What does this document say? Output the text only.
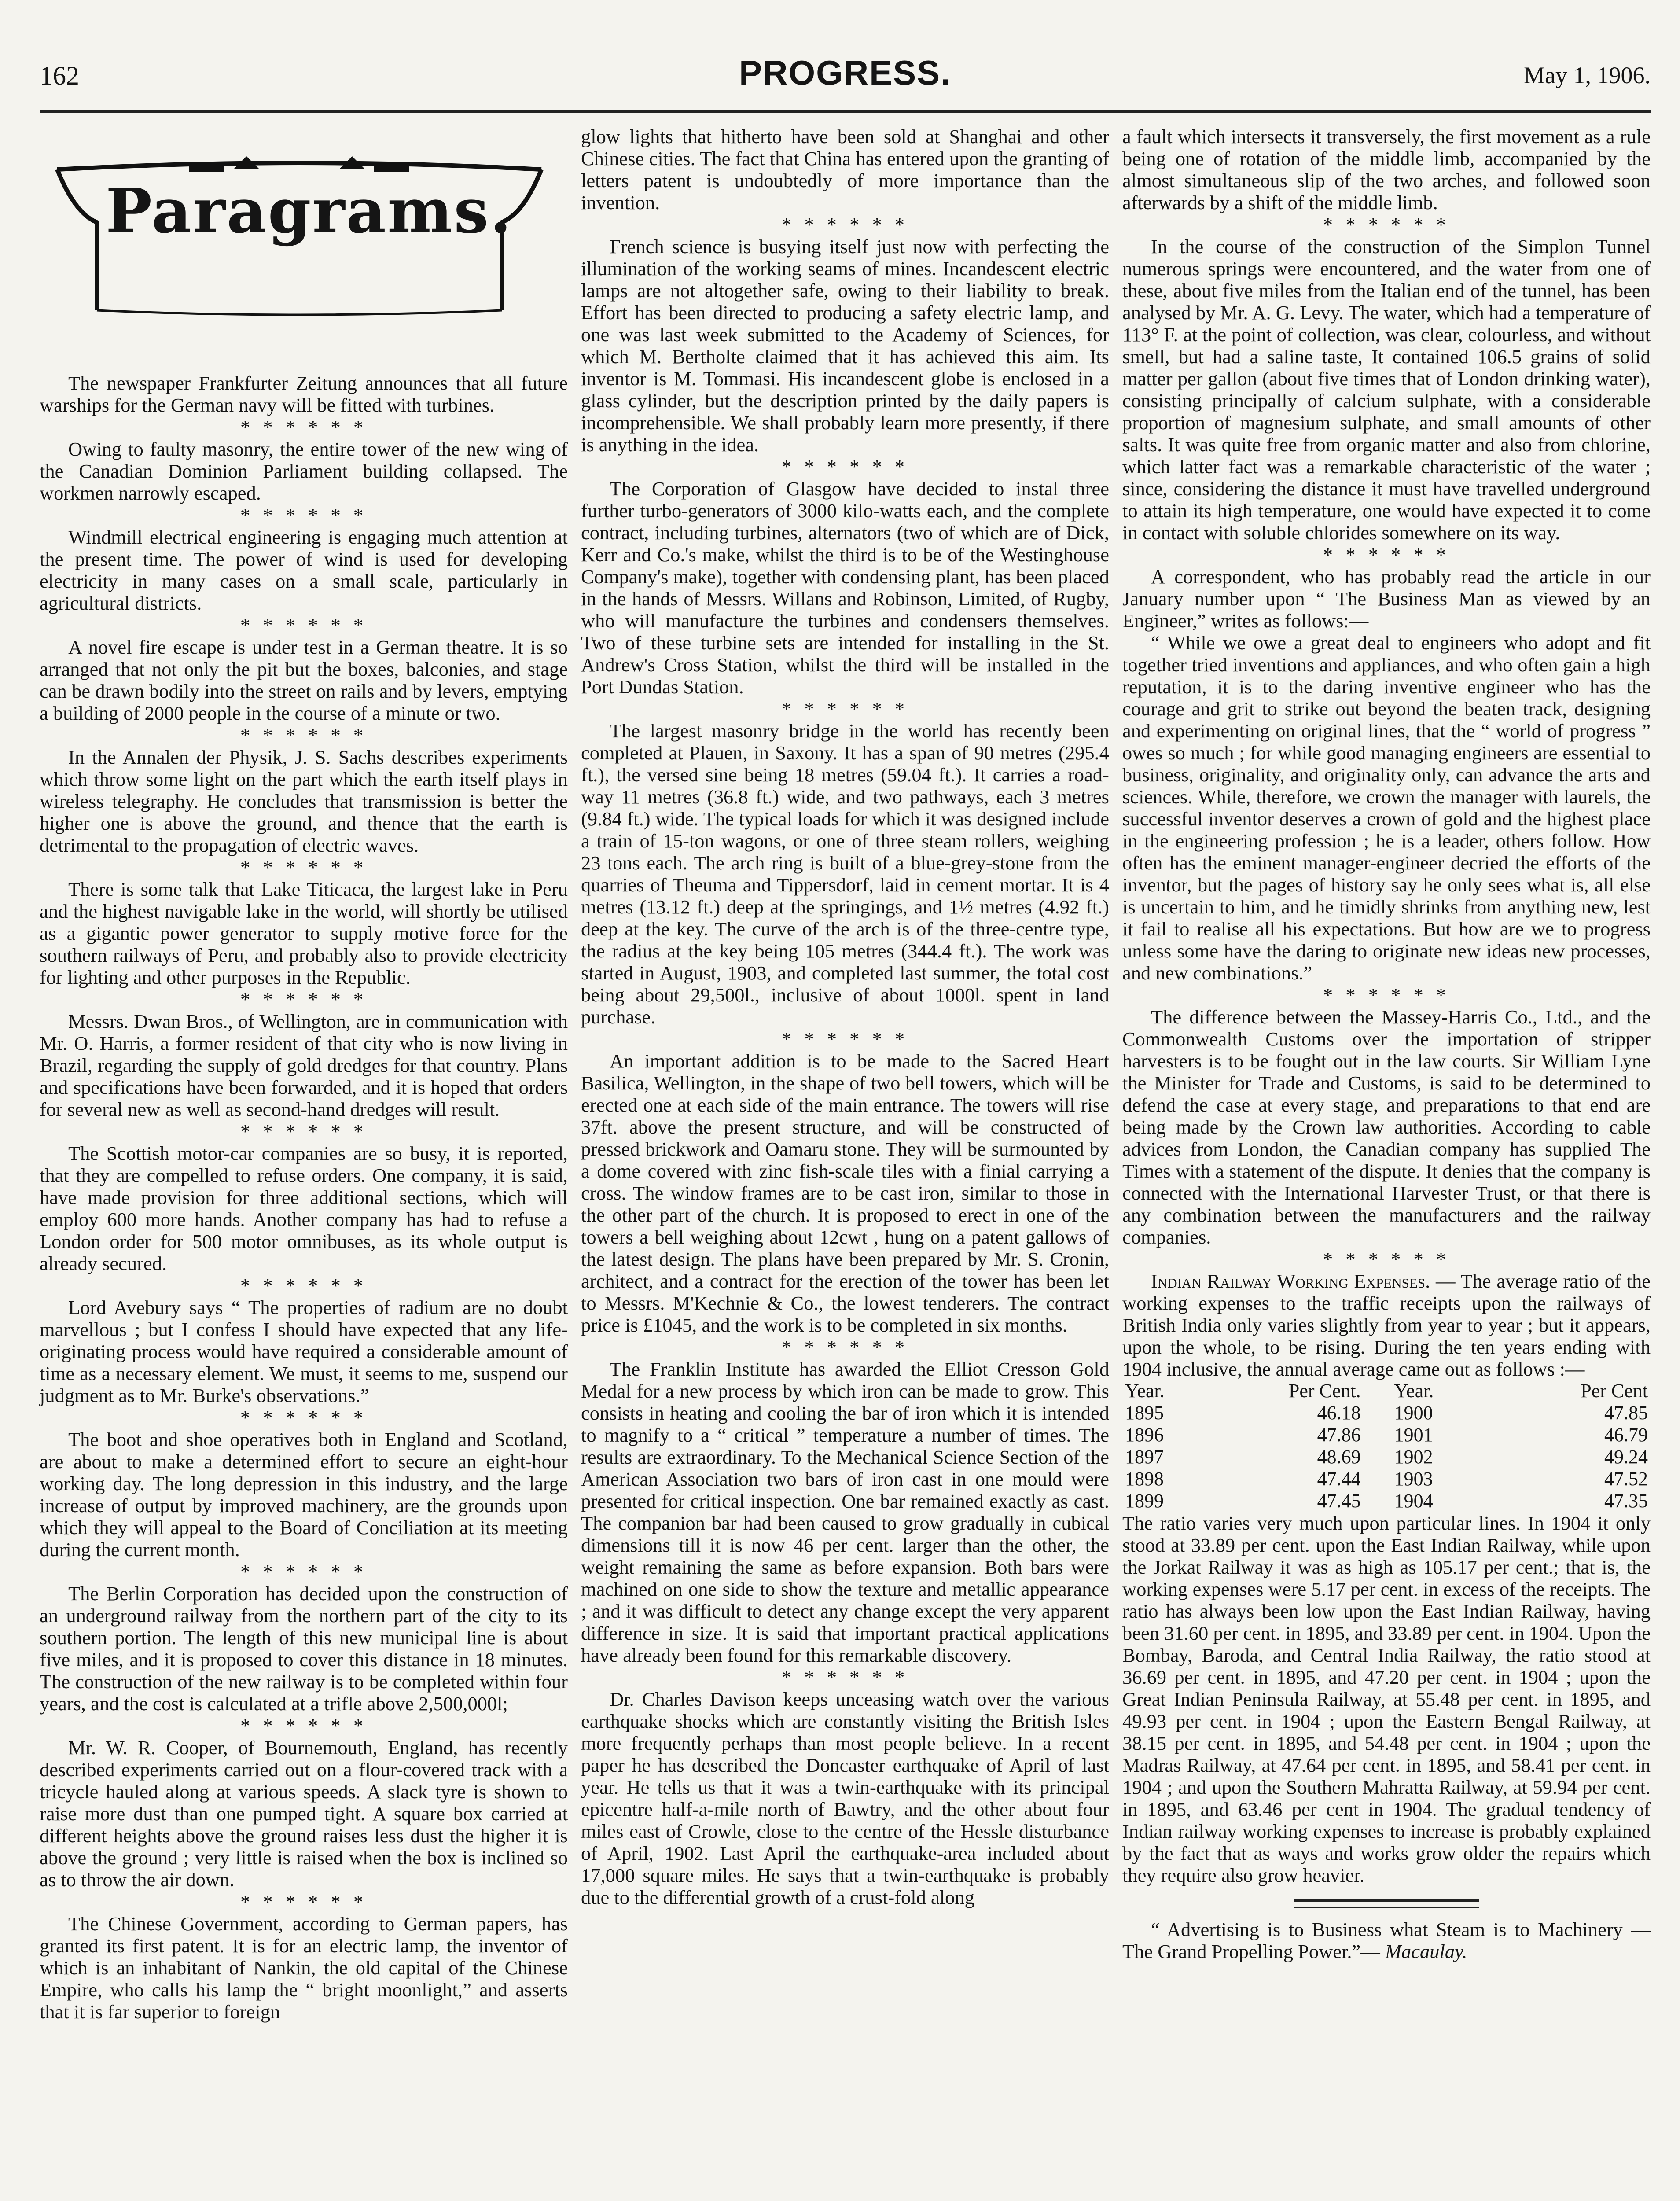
162	PROGRESS.	May 1, 1906.
Paragrams.

The newspaper Frankfurter Zeitung announces that all future warships for the German navy will be fitted with turbines.

* * * * * *

Owing to faulty masonry, the entire tower of the new wing of the Canadian Dominion Parliament building collapsed. The workmen narrowly escaped.

* * * * * *

Windmill electrical engineering is engaging much attention at the present time. The power of wind is used for developing electricity in many cases on a small scale, particularly in agricultural districts.

* * * * * *

A novel fire escape is under test in a German theatre. It is so arranged that not only the pit but the boxes, balconies, and stage can be drawn bodily into the street on rails and by levers, emptying a building of 2000 people in the course of a minute or two.

* * * * * *

In the Annalen der Physik, J. S. Sachs describes experiments which throw some light on the part which the earth itself plays in wireless telegraphy. He concludes that transmission is better the higher one is above the ground, and thence that the earth is detrimental to the propagation of electric waves.

* * * * * *

There is some talk that Lake Titicaca, the largest lake in Peru and the highest navigable lake in the world, will shortly be utilised as a gigantic power generator to supply motive force for the southern railways of Peru, and probably also to provide electricity for lighting and other purposes in the Republic.

* * * * * *

Messrs. Dwan Bros., of Wellington, are in communication with Mr. O. Harris, a former resident of that city who is now living in Brazil, regarding the supply of gold dredges for that country. Plans and specifications have been forwarded, and it is hoped that orders for several new as well as second-hand dredges will result.

* * * * * *

The Scottish motor-car companies are so busy, it is reported, that they are compelled to refuse orders. One company, it is said, have made provision for three additional sections, which will employ 600 more hands. Another company has had to refuse a London order for 500 motor omnibuses, as its whole output is already secured.

* * * * * *

Lord Avebury says “ The properties of radium are no doubt marvellous ; but I confess I should have expected that any life-originating process would have required a considerable amount of time as a necessary element. We must, it seems to me, suspend our judgment as to Mr. Burke's observations.”

* * * * * *

The boot and shoe operatives both in England and Scotland, are about to make a determined effort to secure an eight-hour working day. The long depression in this industry, and the large increase of output by improved machinery, are the grounds upon which they will appeal to the Board of Conciliation at its meeting during the current month.

* * * * * *

The Berlin Corporation has decided upon the construction of an underground railway from the northern part of the city to its southern portion. The length of this new municipal line is about five miles, and it is proposed to cover this distance in 18 minutes. The construction of the new railway is to be completed within four years, and the cost is calculated at a trifle above 2,500,000l;

* * * * * *

Mr. W. R. Cooper, of Bournemouth, England, has recently described experiments carried out on a flour-covered track with a tricycle hauled along at various speeds. A slack tyre is shown to raise more dust than one pumped tight. A square box carried at different heights above the ground raises less dust the higher it is above the ground ; very little is raised when the box is inclined so as to throw the air down.

* * * * * *

The Chinese Government, according to German papers, has granted its first patent. It is for an electric lamp, the inventor of which is an inhabitant of Nankin, the old capital of the Chinese Empire, who calls his lamp the “ bright moonlight,” and asserts that it is far superior to foreign

glow lights that hitherto have been sold at Shanghai and other Chinese cities. The fact that China has entered upon the granting of letters patent is undoubtedly of more importance than the invention.

* * * * * *

French science is busying itself just now with perfecting the illumination of the working seams of mines. Incandescent electric lamps are not altogether safe, owing to their liability to break. Effort has been directed to producing a safety electric lamp, and one was last week submitted to the Academy of Sciences, for which M. Bertholte claimed that it has achieved this aim. Its inventor is M. Tommasi. His incandescent globe is enclosed in a glass cylinder, but the description printed by the daily papers is incomprehensible. We shall probably learn more presently, if there is anything in the idea.

* * * * * *

The Corporation of Glasgow have decided to instal three further turbo-generators of 3000 kilo-watts each, and the complete contract, including turbines, alternators (two of which are of Dick, Kerr and Co.'s make, whilst the third is to be of the Westinghouse Company's make), together with condensing plant, has been placed in the hands of Messrs. Willans and Robinson, Limited, of Rugby, who will manufacture the turbines and condensers themselves. Two of these turbine sets are intended for installing in the St. Andrew's Cross Station, whilst the third will be installed in the Port Dundas Station.

* * * * * *

The largest masonry bridge in the world has recently been completed at Plauen, in Saxony. It has a span of 90 metres (295.4 ft.), the versed sine being 18 metres (59.04 ft.). It carries a road-way 11 metres (36.8 ft.) wide, and two pathways, each 3 metres (9.84 ft.) wide. The typical loads for which it was designed include a train of 15-ton wagons, or one of three steam rollers, weighing 23 tons each. The arch ring is built of a blue-grey-stone from the quarries of Theuma and Tippersdorf, laid in cement mortar. It is 4 metres (13.12 ft.) deep at the springings, and 1½ metres (4.92 ft.) deep at the key. The curve of the arch is of the three-centre type, the radius at the key being 105 metres (344.4 ft.). The work was started in August, 1903, and completed last summer, the total cost being about 29,500l., inclusive of about 1000l. spent in land purchase.

* * * * * *

An important addition is to be made to the Sacred Heart Basilica, Wellington, in the shape of two bell towers, which will be erected one at each side of the main entrance. The towers will rise 37ft. above the present structure, and will be constructed of pressed brickwork and Oamaru stone. They will be surmounted by a dome covered with zinc fish-scale tiles with a finial carrying a cross. The window frames are to be cast iron, similar to those in the other part of the church. It is proposed to erect in one of the towers a bell weighing about 12cwt , hung on a patent gallows of the latest design. The plans have been prepared by Mr. S. Cronin, architect, and a contract for the erection of the tower has been let to Messrs. M'Kechnie & Co., the lowest tenderers. The contract price is £1045, and the work is to be completed in six months.

* * * * * *

The Franklin Institute has awarded the Elliot Cresson Gold Medal for a new process by which iron can be made to grow. This consists in heating and cooling the bar of iron which it is intended to magnify to a “ critical ” temperature a number of times. The results are extraordinary. To the Mechanical Science Section of the American Association two bars of iron cast in one mould were presented for critical inspection. One bar remained exactly as cast. The companion bar had been caused to grow gradually in cubical dimensions till it is now 46 per cent. larger than the other, the weight remaining the same as before expansion. Both bars were machined on one side to show the texture and metallic appearance ; and it was difficult to detect any change except the very apparent difference in size. It is said that important practical applications have already been found for this remarkable discovery.

* * * * * *

Dr. Charles Davison keeps unceasing watch over the various earthquake shocks which are constantly visiting the British Isles more frequently perhaps than most people believe. In a recent paper he has described the Doncaster earthquake of April of last year. He tells us that it was a twin-earthquake with its principal epicentre half-a-mile north of Bawtry, and the other about four miles east of Crowle, close to the centre of the Hessle disturbance of April, 1902. Last April the earthquake-area included about 17,000 square miles. He says that a twin-earthquake is probably due to the differential growth of a crust-fold along

a fault which intersects it transversely, the first movement as a rule being one of rotation of the middle limb, accompanied by the almost simultaneous slip of the two arches, and followed soon afterwards by a shift of the middle limb.

* * * * * *

In the course of the construction of the Simplon Tunnel numerous springs were encountered, and the water from one of these, about five miles from the Italian end of the tunnel, has been analysed by Mr. A. G. Levy. The water, which had a temperature of 113° F. at the point of collection, was clear, colourless, and without smell, but had a saline taste, It contained 106.5 grains of solid matter per gallon (about five times that of London drinking water), consisting principally of calcium sulphate, with a considerable proportion of magnesium sulphate, and small amounts of other salts. It was quite free from organic matter and also from chlorine, which latter fact was a remarkable characteristic of the water ; since, considering the distance it must have travelled underground to attain its high temperature, one would have expected it to come in contact with soluble chlorides somewhere on its way.

* * * * * *

A correspondent, who has probably read the article in our January number upon “ The Business Man as viewed by an Engineer,” writes as follows:—

“ While we owe a great deal to engineers who adopt and fit together tried inventions and appliances, and who often gain a high reputation, it is to the daring inventive engineer who has the courage and grit to strike out beyond the beaten track, designing and experimenting on original lines, that the “ world of progress ” owes so much ; for while good managing engineers are essential to business, originality, and originality only, can advance the arts and sciences. While, therefore, we crown the manager with laurels, the successful inventor deserves a crown of gold and the highest place in the engineering profession ; he is a leader, others follow. How often has the eminent manager-engineer decried the efforts of the inventor, but the pages of history say he only sees what is, all else is uncertain to him, and he timidly shrinks from anything new, lest it fail to realise all his expectations. But how are we to progress unless some have the daring to originate new ideas new processes, and new combinations.”

* * * * * *

The difference between the Massey-Harris Co., Ltd., and the Commonwealth Customs over the importation of stripper harvesters is to be fought out in the law courts. Sir William Lyne the Minister for Trade and Customs, is said to be determined to defend the case at every stage, and preparations to that end are being made by the Crown law authorities. According to cable advices from London, the Canadian company has supplied The Times with a statement of the dispute. It denies that the company is connected with the International Harvester Trust, or that there is any combination between the manufacturers and the railway companies.

* * * * * *

Indian Railway Working Expenses. — The average ratio of the working expenses to the traffic receipts upon the railways of British India only varies slightly from year to year ; but it appears, upon the whole, to be rising. During the ten years ending with 1904 inclusive, the annual average came out as follows :—

Year.	Per Cent.	Year.	Per Cent
1895	46.18	1900	47.85
1896	47.86	1901	46.79
1897	48.69	1902	49.24
1898	47.44	1903	47.52
1899	47.45	1904	47.35

The ratio varies very much upon particular lines. In 1904 it only stood at 33.89 per cent. upon the East Indian Railway, while upon the Jorkat Railway it was as high as 105.17 per cent.; that is, the working expenses were 5.17 per cent. in excess of the receipts. The ratio has always been low upon the East Indian Railway, having been 31.60 per cent. in 1895, and 33.89 per cent. in 1904. Upon the Bombay, Baroda, and Central India Railway, the ratio stood at 36.69 per cent. in 1895, and 47.20 per cent. in 1904 ; upon the Great Indian Peninsula Railway, at 55.48 per cent. in 1895, and 49.93 per cent. in 1904 ; upon the Eastern Bengal Railway, at 38.15 per cent. in 1895, and 54.48 per cent. in 1904 ; upon the Madras Railway, at 47.64 per cent. in 1895, and 58.41 per cent. in 1904 ; and upon the Southern Mahratta Railway, at 59.94 per cent. in 1895, and 63.46 per cent in 1904. The gradual tendency of Indian railway working expenses to increase is probably explained by the fact that as ways and works grow older the repairs which they require also grow heavier.

“ Advertising is to Business what Steam is to Machinery — The Grand Propelling Power.”— Macaulay.
